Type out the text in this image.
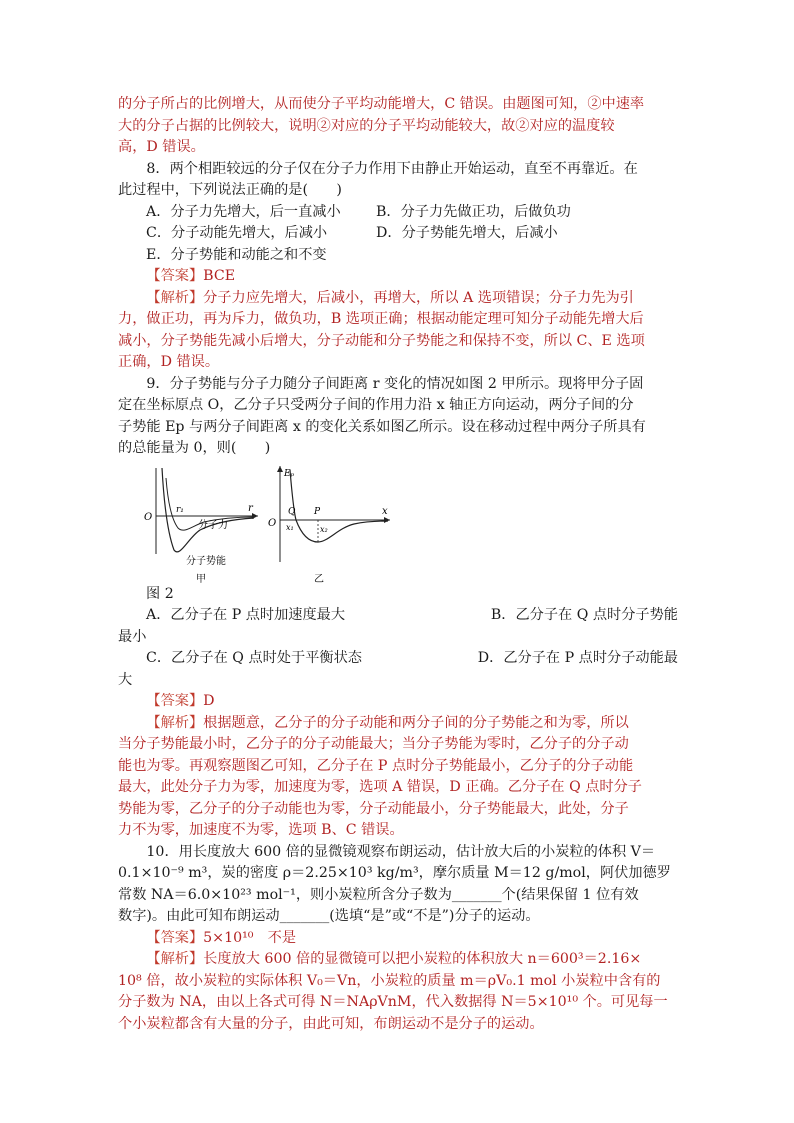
的分子所占的比例增大，从而使分子平均动能增大，C 错误。由题图可知，②中速率

大的分子占据的比例较大，说明②对应的分子平均动能较大，故②对应的温度较

高，D 错误。

8．两个相距较远的分子仅在分子力作用下由静止开始运动，直至不再靠近。在

此过程中，下列说法正确的是(　　)

A．分子力先增大，后一直减小	B．分子力先做正功，后做负功
C．分子动能先增大，后减小	D．分子势能先增大，后减小

E．分子势能和动能之和不变

【答案】BCE

【解析】分子力应先增大，后减小，再增大，所以 A 选项错误；分子力先为引

力，做正功，再为斥力，做负功，B 选项正确；根据动能定理可知分子动能先增大后

减小，分子势能先减小后增大，分子动能和分子势能之和保持不变，所以 C、E 选项

正确，D 错误。

9．分子势能与分子力随分子间距离 r 变化的情况如图 2 甲所示。现将甲分子固

定在坐标原点 O，乙分子只受两分子间的作用力沿 x 轴正方向运动，两分子间的分

子势能 Ep 与两分子间距离 x 的变化关系如图乙所示。设在移动过程中两分子所具有

的总能量为 0，则(　　)

O
r
r₁
分子力
分子势能
甲
Eₚ
O
Q P	x
x₁	x₂
乙

图 2

A．乙分子在 P 点时加速度最大	B．乙分子在 Q 点时分子势能

最小

C．乙分子在 Q 点时处于平衡状态	D．乙分子在 P 点时分子动能最

大

【答案】D

【解析】根据题意，乙分子的分子动能和两分子间的分子势能之和为零，所以

当分子势能最小时，乙分子的分子动能最大；当分子势能为零时，乙分子的分子动

能也为零。再观察题图乙可知，乙分子在 P 点时分子势能最小，乙分子的分子动能

最大，此处分子力为零，加速度为零，选项 A 错误，D 正确。乙分子在 Q 点时分子

势能为零，乙分子的分子动能也为零，分子动能最小，分子势能最大，此处，分子

力不为零，加速度不为零，选项 B、C 错误。

10．用长度放大 600 倍的显微镜观察布朗运动，估计放大后的小炭粒的体积 V＝

0.1×10⁻⁹ m³，炭的密度 ρ＝2.25×10³ kg/m³，摩尔质量 M＝12 g/mol，阿伏加德罗

常数 NA＝6.0×10²³ mol⁻¹，则小炭粒所含分子数为_______个(结果保留 1 位有效

数字)。由此可知布朗运动_______(选填“是”或“不是”)分子的运动。

【答案】5×10¹⁰　不是

【解析】长度放大 600 倍的显微镜可以把小炭粒的体积放大 n＝600³＝2.16×

10⁸ 倍，故小炭粒的实际体积 V₀＝Vn，小炭粒的质量 m＝ρV₀.1 mol 小炭粒中含有的

分子数为 NA，由以上各式可得 N＝NAρVnM，代入数据得 N＝5×10¹⁰ 个。可见每一

个小炭粒都含有大量的分子，由此可知，布朗运动不是分子的运动。
